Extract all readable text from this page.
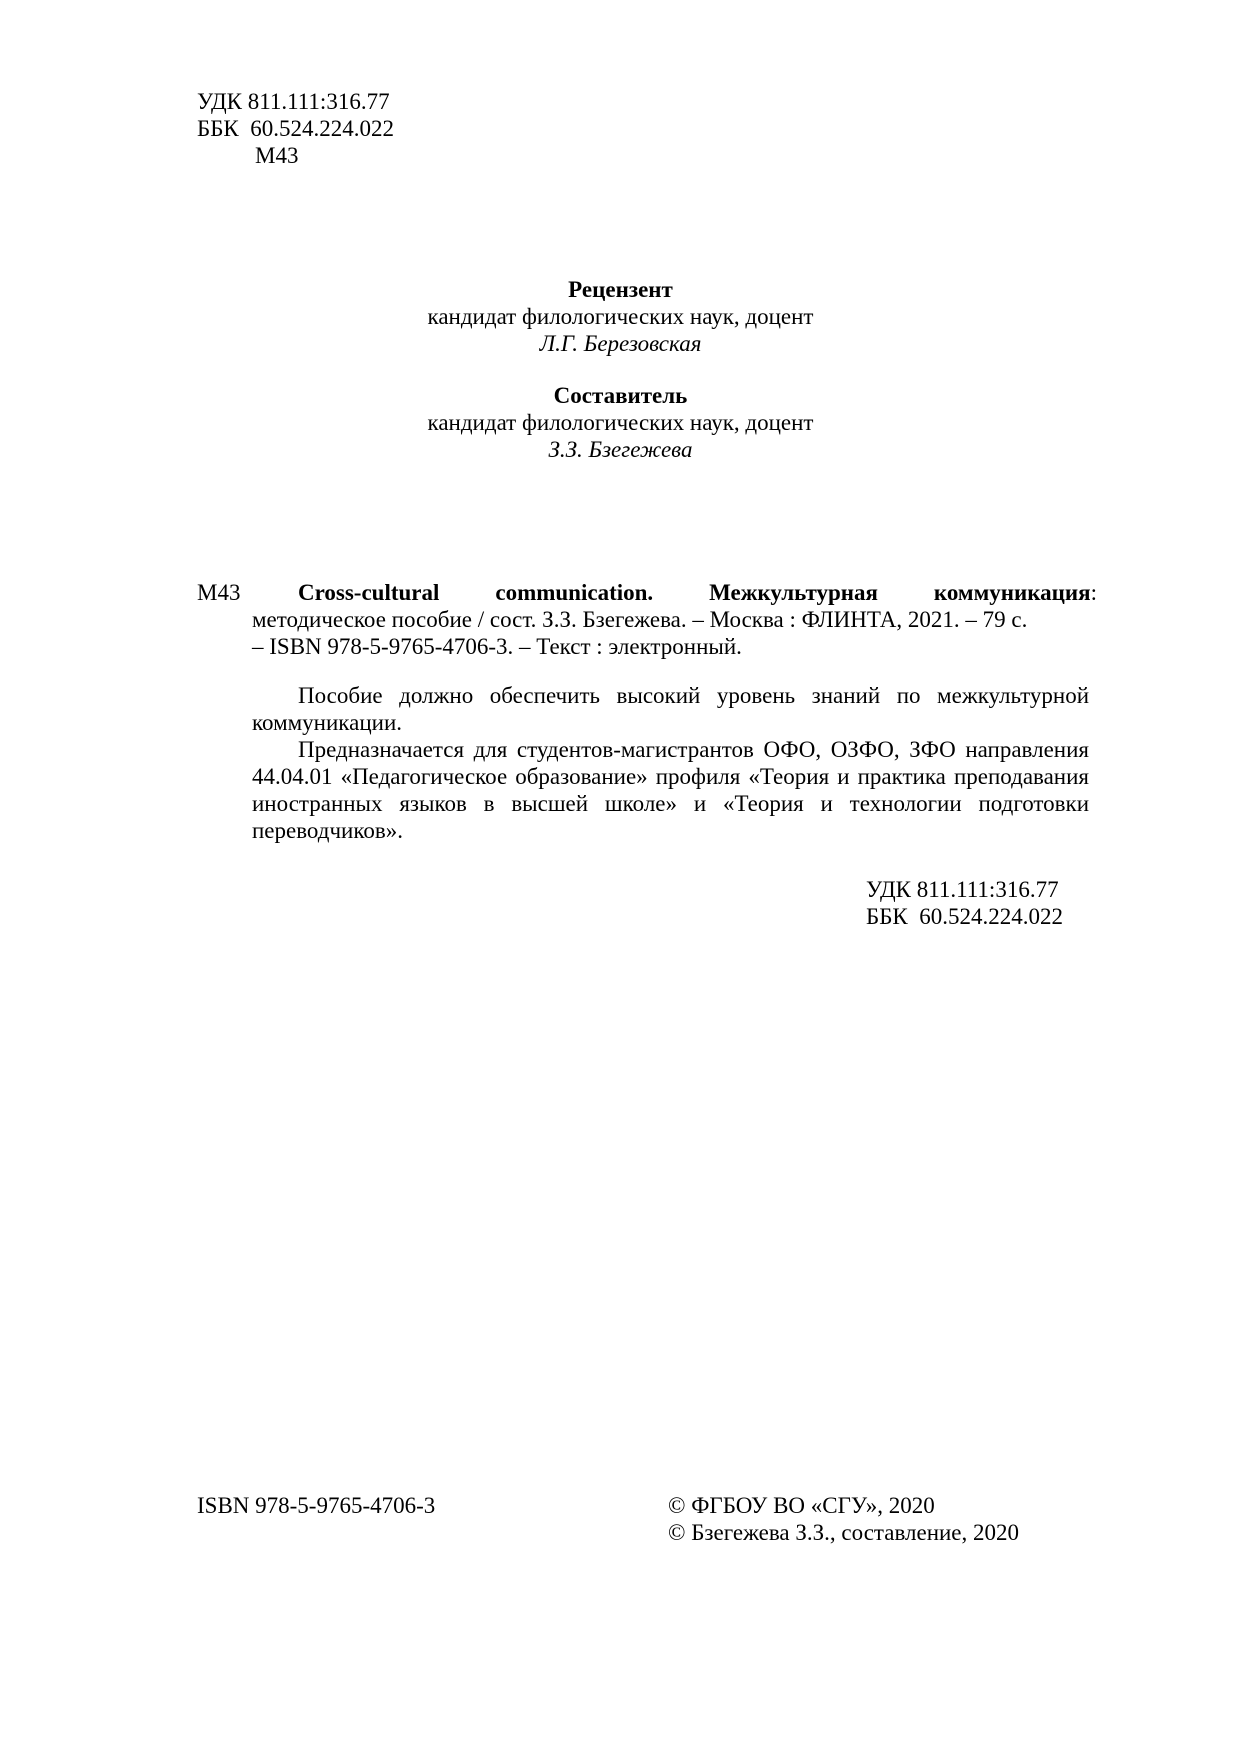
УДК 811.111:316.77
ББК  60.524.224.022
М43
Рецензент
кандидат филологических наук, доцент
Л.Г. Березовская
Составитель
кандидат филологических наук, доцент
З.З. Бзегежева
М43	Cross-cultural communication. Межкультурная коммуникация:
методическое пособие / сост. З.З. Бзегежева. – Москва : ФЛИНТА, 2021. – 79 с.
– ISBN 978-5-9765-4706-3. – Текст : электронный.

Пособие должно обеспечить высокий уровень знаний по межкультурной коммуникации.

Предназначается для студентов-магистрантов ОФО, ОЗФО, ЗФО направления 44.04.01 «Педагогическое образование» профиля «Теория и практика преподавания иностранных языков в высшей школе» и «Теория и технологии подготовки переводчиков».

УДК 811.111:316.77
ББК  60.524.224.022
ISBN 978-5-9765-4706-3	© ФГБОУ ВО «СГУ», 2020
© Бзегежева З.З., составление, 2020
